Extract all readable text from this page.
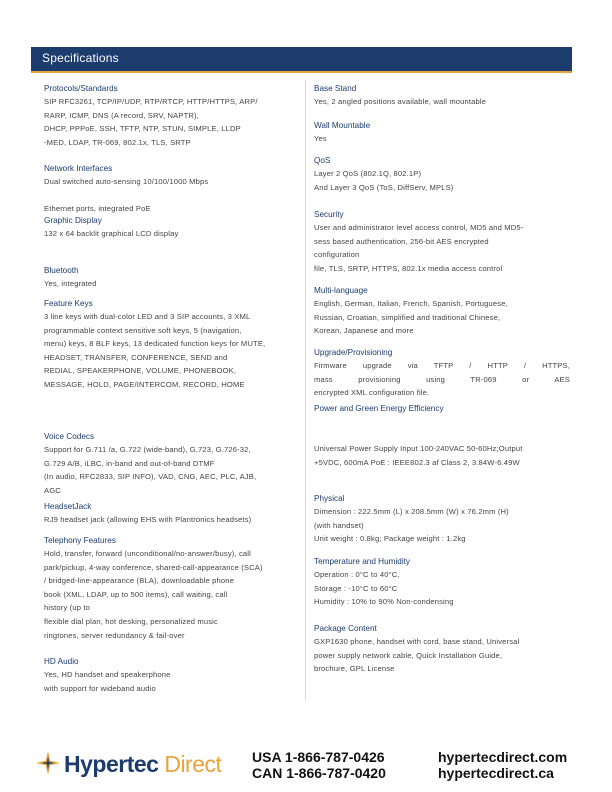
Specifications
Protocols/Standards

SIP RFC3261, TCP/IP/UDP, RTP/RTCP, HTTP/HTTPS, ARP/

RARP, ICMP, DNS (A record, SRV, NAPTR),

DHCP, PPPoE, SSH, TFTP, NTP, STUN, SIMPLE, LLDP

-MED, LDAP, TR-069, 802.1x, TLS, SRTP

Network Interfaces

Dual switched auto-sensing 10/100/1000 Mbps

Ethernet ports, integrated PoE

Graphic Display

132 x 64 backlit graphical LCD display

Bluetooth

Yes, integrated

Feature Keys

3 line keys with dual-color LED and 3 SIP accounts, 3 XML

programmable context sensitive soft keys, 5 (navigation,

menu) keys, 8 BLF keys, 13 dedicated function keys for MUTE,

HEADSET, TRANSFER, CONFERENCE, SEND and

REDIAL, SPEAKERPHONE, VOLUME, PHONEBOOK,

MESSAGE, HOLD, PAGE/INTERCOM, RECORD, HOME

Voice Codecs

Support for G.711 /a, G.722 (wide-band), G.723, G.726-32,

G.729 A/B, iLBC, in-band and out-of-band DTMF

(In audio, RFC2833, SIP INFO), VAD, CNG, AEC, PLC, AJB,

AGC

HeadsetJack

RJ9 headset jack (allowing EHS with Plantronics headsets)

Telephony Features

Hold, transfer, forward (unconditional/no-answer/busy), call

park/pickup, 4-way conference, shared-call-appearance (SCA)

/ bridged-line-appearance (BLA), downloadable phone

book (XML, LDAP, up to 500 items), call waiting, call

history (up to

flexible dial plan, hot desking, personalized music

ringtones, server redundancy & fail-over

HD Audio

Yes, HD handset and speakerphone

with support for wideband audio

Base Stand

Yes, 2 angled positions available, wall mountable

Wall Mountable

Yes

QoS

Layer 2 QoS (802.1Q, 802.1P)

And Layer 3 QoS (ToS, DiffServ, MPLS)

Security

User and administrator level access control, MD5 and MD5-

sess based authentication, 256-bit AES encrypted

configuration

file, TLS, SRTP, HTTPS, 802.1x media access control

Multi-language

English, German, Italian, French, Spanish, Portuguese,

Russian, Croatian, simplified and traditional Chinese,

Korean, Japanese and more

Upgrade/Provisioning

Firmware upgrade via TFTP / HTTP / HTTPS,

mass provisioning using TR-069 or AES

encrypted XML configuration file.

Power and Green Energy Efficiency

Universal Power Supply Input 100-240VAC 50-60Hz;Output

+5VDC, 600mA PoE : IEEE802.3 af Class 2, 3.84W-6.49W

Physical

Dimension : 222.5mm (L) x 208.5mm (W) x 76.2mm (H)

(with handset)

Unit weight : 0.8kg; Package weight : 1.2kg

Temperature and Humidity

Operation : 0°C to 40°C,

Storage : -10°C to 60°C

Humidity : 10% to 90% Non-condensing

Package Content

GXP1630 phone, handset with cord, base stand, Universal

power supply network cable, Quick Installation Guide,

brochure, GPL License

Hypertec Direct USA 1-866-787-0426

CAN 1-866-787-0420

hypertecdirect.com

hypertecdirect.ca
